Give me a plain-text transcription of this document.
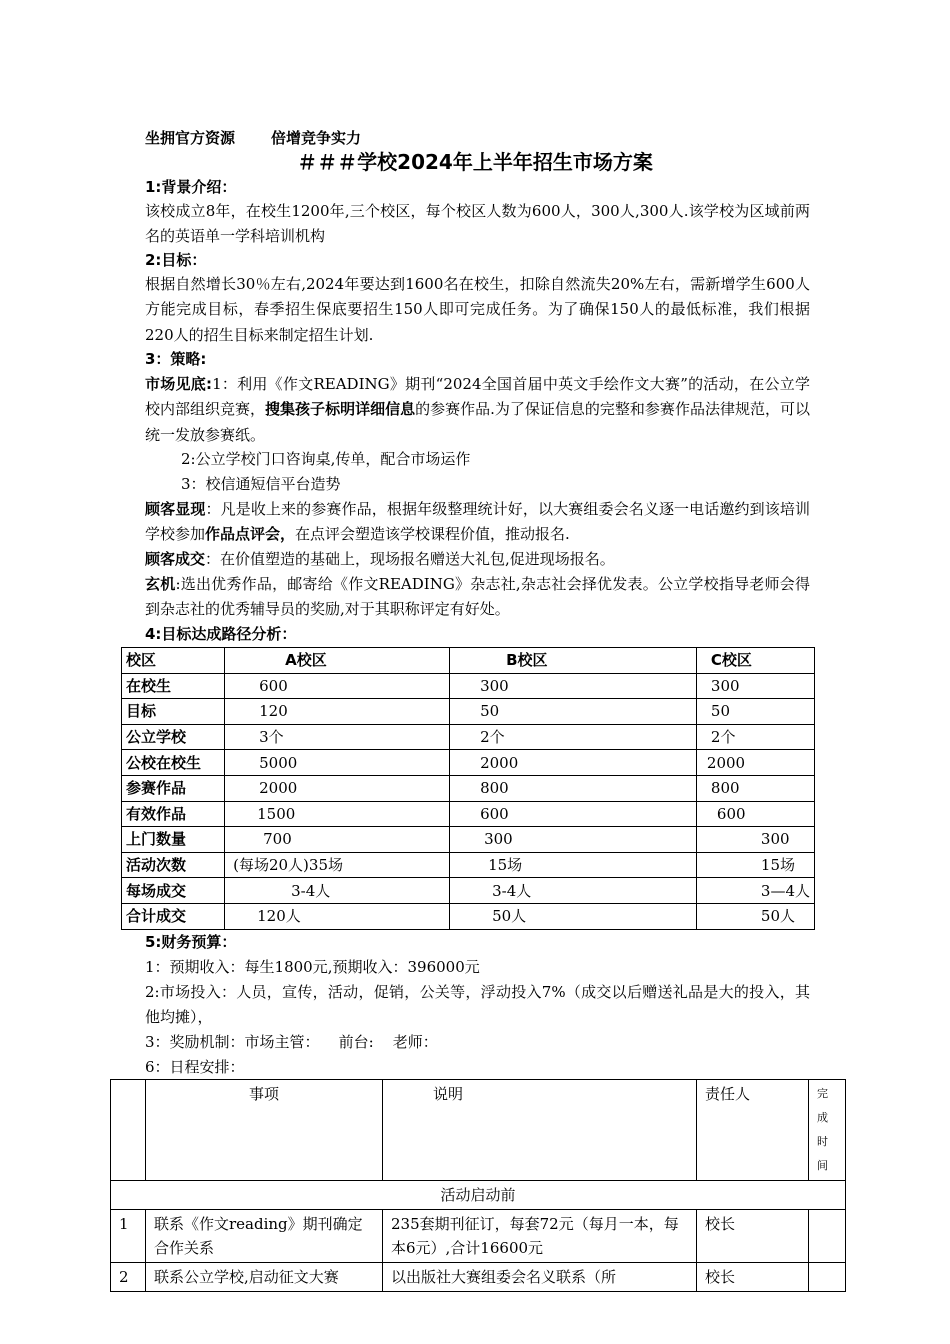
坐拥官方资源 倍增竞争实力
＃＃＃学校2024年上半年招生市场方案
1:背景介绍：
该校成立8年，在校生1200年,三个校区，每个校区人数为600人，300人,300人.该学校为区域前两名的英语单一学科培训机构
2:目标：
根据自然增长30％左右,2024年要达到1600名在校生，扣除自然流失20%左右，需新增学生600人方能完成目标，春季招生保底要招生150人即可完成任务。为了确保150人的最低标准，我们根据220人的招生目标来制定招生计划.
3：策略:
市场见底:1：利用《作文READING》期刊“2024全国首届中英文手绘作文大赛”的活动，在公立学校内部组织竞赛，搜集孩子标明详细信息的参赛作品.为了保证信息的完整和参赛作品法律规范，可以统一发放参赛纸。
2:公立学校门口咨询桌,传单，配合市场运作
3：校信通短信平台造势
顾客显现：凡是收上来的参赛作品，根据年级整理统计好，以大赛组委会名义逐一电话邀约到该培训学校参加作品点评会，在点评会塑造该学校课程价值，推动报名.
顾客成交：在价值塑造的基础上，现场报名赠送大礼包,促进现场报名。
玄机:选出优秀作品，邮寄给《作文READING》杂志社,杂志社会择优发表。公立学校指导老师会得到杂志社的优秀辅导员的奖励,对于其职称评定有好处。
4:目标达成路径分析：
校区	A校区	B校区	C校区
在校生	600	300	300
目标	120	50	50
公立学校	3个	2个	2个
公校在校生	5000	2000	2000
参赛作品	2000	800	800
有效作品	1500	600	600
上门数量	700	300	300
活动次数	(每场20人)35场	15场	15场
每场成交	3-4人	3-4人	3—4人
合计成交	120人	50人	50人
5:财务预算：
1：预期收入：每生1800元,预期收入：396000元
2:市场投入：人员，宣传，活动，促销，公关等，浮动投入7%（成交以后赠送礼品是大的投入，其他均摊），
3：奖励机制：市场主管：    前台:    老师：
6：日程安排：
	事项	说明	责任人	完成时间
活动启动前				
1	联系《作文reading》期刊确定合作关系	235套期刊征订，每套72元（每月一本，每本6元）,合计16600元	校长	
2	联系公立学校,启动征文大赛	以出版社大赛组委会名义联系（所	校长	
